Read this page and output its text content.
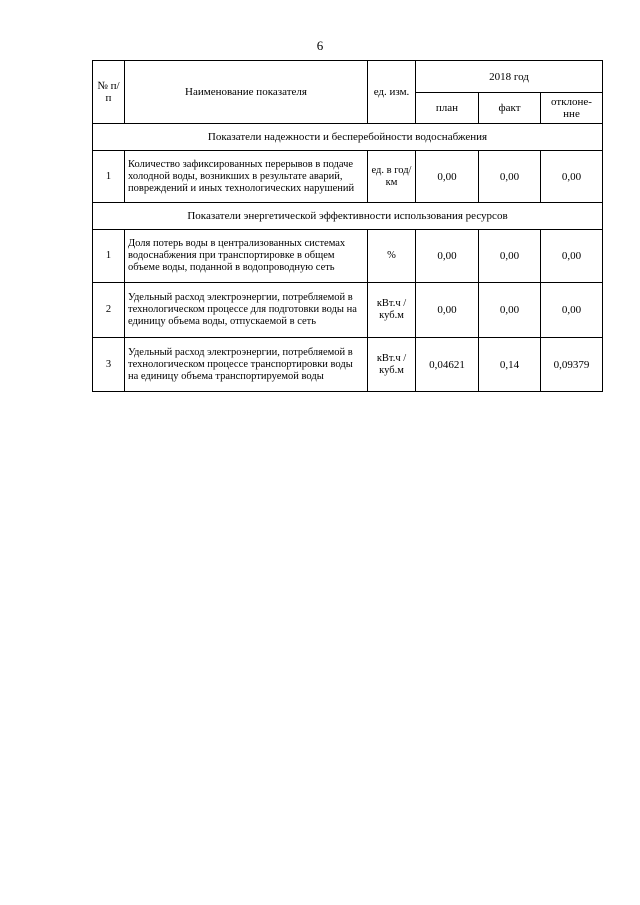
6
№ п/п	Наименование показателя	ед. изм.	2018 год		
			план	факт	отклоне-нне
Показатели надежности и бесперебойности водоснабжения					
1	Количество зафиксированных перерывов в подаче холодной воды, возникших в результате аварий, повреждений и иных технологических нарушений	ед. в год/ км	0,00	0,00	0,00
Показатели энергетической эффективности использования ресурсов					
1	Доля потерь воды в централизованных системах водоснабжения при транспортировке в общем объеме воды, поданной в водопроводную сеть	%	0,00	0,00	0,00
2	Удельный расход электроэнергии, потребляемой в технологическом процессе для подготовки воды на единицу объема воды, отпускаемой в сеть	кВт.ч / куб.м	0,00	0,00	0,00
3	Удельный расход электроэнергии, потребляемой в технологическом процессе транспортировки воды на единицу объема транспортируемой воды	кВт.ч / куб.м	0,04621	0,14	0,09379
